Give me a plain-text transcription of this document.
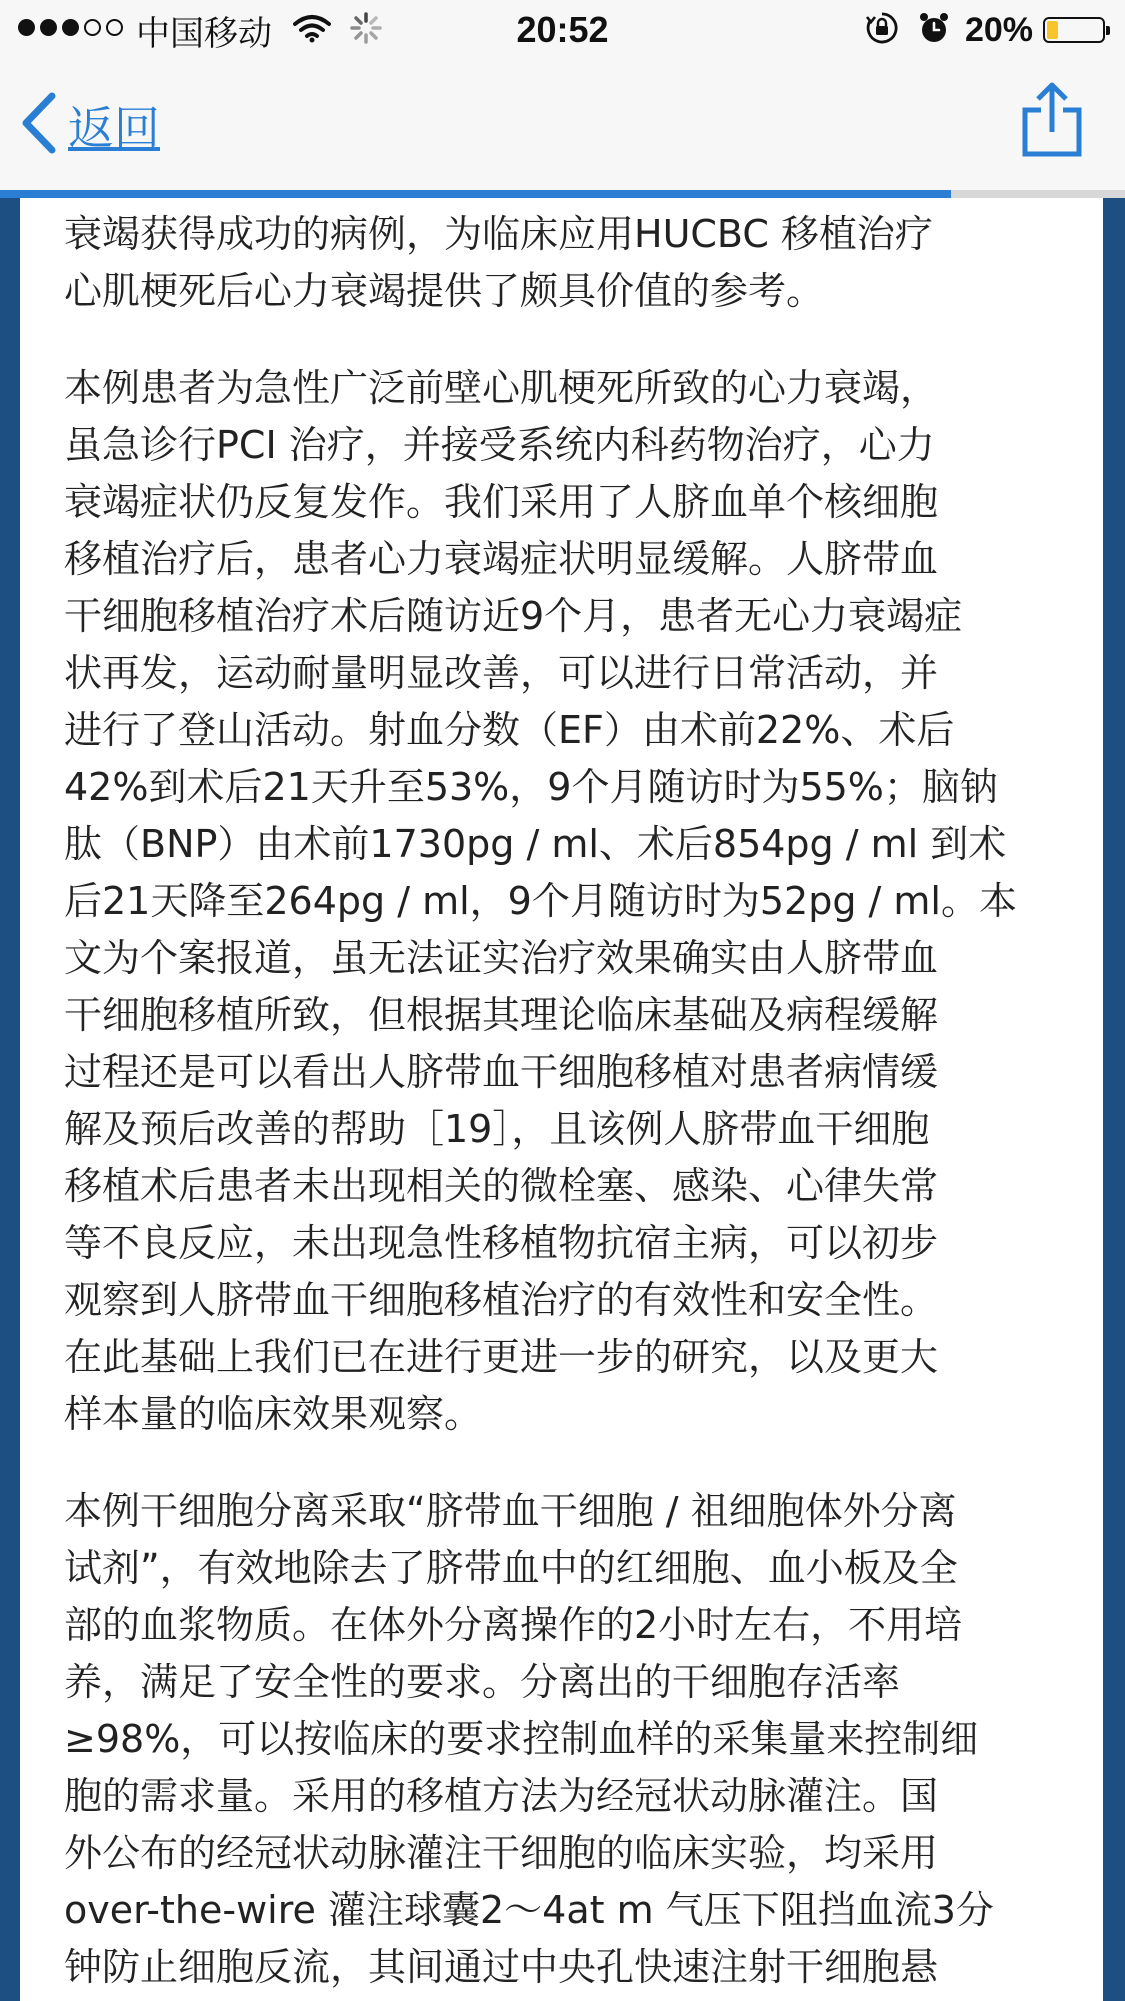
中国移动	20:52	20%
返回

衰竭获得成功的病例，为临床应用HUCBC 移植治疗
心肌梗死后心力衰竭提供了颇具价值的参考。

本例患者为急性广泛前壁心肌梗死所致的心力衰竭，
虽急诊行PCI 治疗，并接受系统内科药物治疗，心力
衰竭症状仍反复发作。我们采用了人脐血单个核细胞
移植治疗后，患者心力衰竭症状明显缓解。人脐带血
干细胞移植治疗术后随访近9个月，患者无心力衰竭症
状再发，运动耐量明显改善，可以进行日常活动，并
进行了登山活动。射血分数（EF）由术前22%、术后
42%到术后21天升至53%，9个月随访时为55%；脑钠
肽（BNP）由术前1730pg / ml、术后854pg / ml 到术
后21天降至264pg / ml，9个月随访时为52pg / ml。本
文为个案报道，虽无法证实治疗效果确实由人脐带血
干细胞移植所致，但根据其理论临床基础及病程缓解
过程还是可以看出人脐带血干细胞移植对患者病情缓
解及预后改善的帮助［19］，且该例人脐带血干细胞
移植术后患者未出现相关的微栓塞、感染、心律失常
等不良反应，未出现急性移植物抗宿主病，可以初步
观察到人脐带血干细胞移植治疗的有效性和安全性。
在此基础上我们已在进行更进一步的研究，以及更大
样本量的临床效果观察。

本例干细胞分离采取“脐带血干细胞 / 祖细胞体外分离
试剂”，有效地除去了脐带血中的红细胞、血小板及全
部的血浆物质。在体外分离操作的2小时左右，不用培
养，满足了安全性的要求。分离出的干细胞存活率
≥98%，可以按临床的要求控制血样的采集量来控制细
胞的需求量。采用的移植方法为经冠状动脉灌注。国
外公布的经冠状动脉灌注干细胞的临床实验，均采用
over-the-wire 灌注球囊2～4at m 气压下阻挡血流3分
钟防止细胞反流，其间通过中央孔快速注射干细胞悬
